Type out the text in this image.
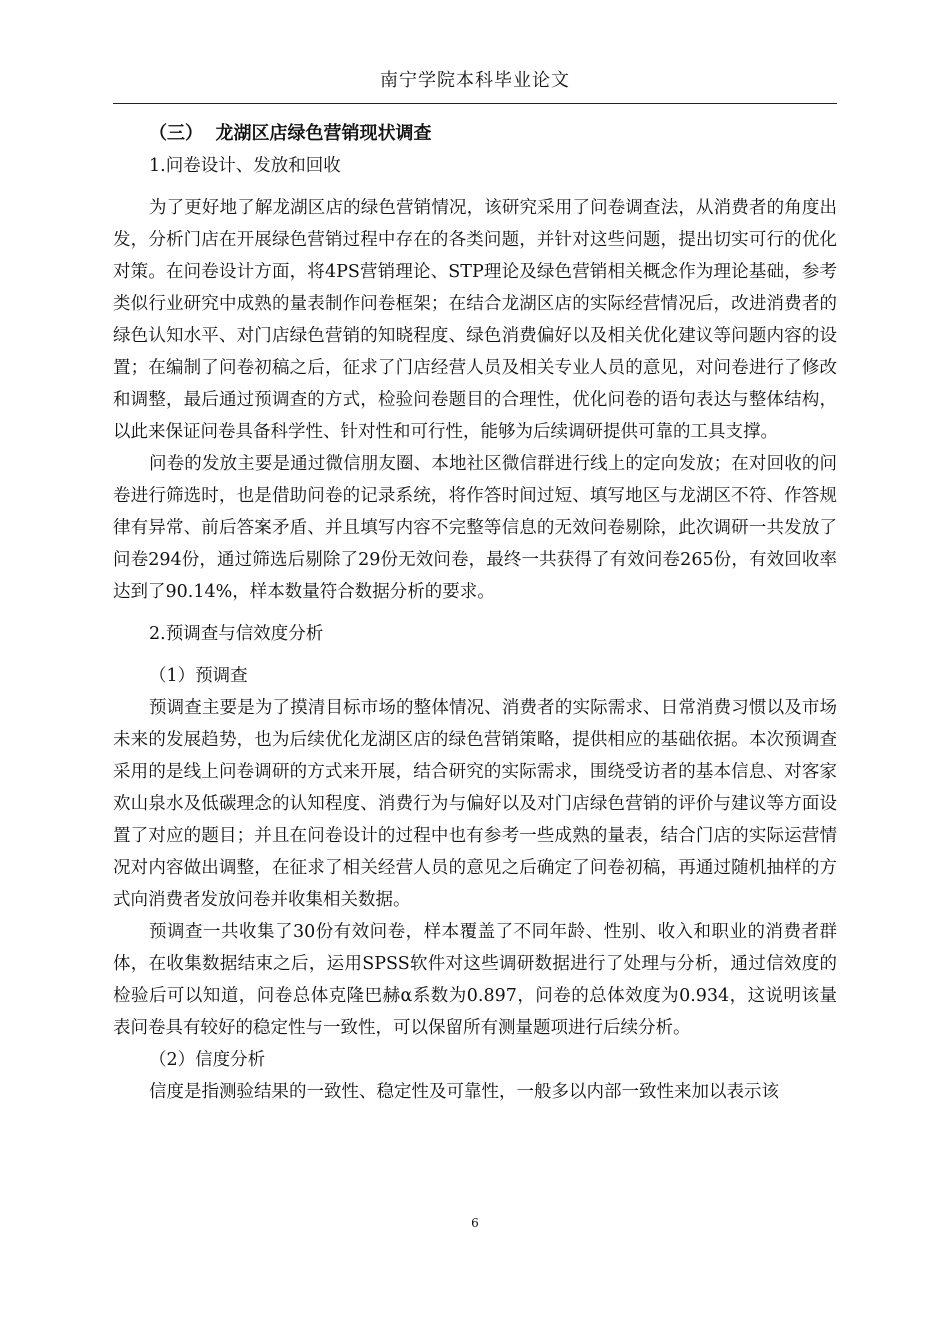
南宁学院本科毕业论文
（三）  龙湖区店绿色营销现状调查
1.问卷设计、发放和回收

为了更好地了解龙湖区店的绿色营销情况，该研究采用了问卷调查法，从消费者的角度出发，分析门店在开展绿色营销过程中存在的各类问题，并针对这些问题，提出切实可行的优化对策。在问卷设计方面，将4PS营销理论、STP理论及绿色营销相关概念作为理论基础，参考类似行业研究中成熟的量表制作问卷框架；在结合龙湖区店的实际经营情况后，改进消费者的绿色认知水平、对门店绿色营销的知晓程度、绿色消费偏好以及相关优化建议等问题内容的设置；在编制了问卷初稿之后，征求了门店经营人员及相关专业人员的意见，对问卷进行了修改和调整，最后通过预调查的方式，检验问卷题目的合理性，优化问卷的语句表达与整体结构，以此来保证问卷具备科学性、针对性和可行性，能够为后续调研提供可靠的工具支撑。

问卷的发放主要是通过微信朋友圈、本地社区微信群进行线上的定向发放；在对回收的问卷进行筛选时，也是借助问卷的记录系统，将作答时间过短、填写地区与龙湖区不符、作答规律有异常、前后答案矛盾、并且填写内容不完整等信息的无效问卷剔除，此次调研一共发放了问卷294份，通过筛选后剔除了29份无效问卷，最终一共获得了有效问卷265份，有效回收率达到了90.14%，样本数量符合数据分析的要求。

2.预调查与信效度分析
（1）预调查

预调查主要是为了摸清目标市场的整体情况、消费者的实际需求、日常消费习惯以及市场未来的发展趋势，也为后续优化龙湖区店的绿色营销策略，提供相应的基础依据。本次预调查采用的是线上问卷调研的方式来开展，结合研究的实际需求，围绕受访者的基本信息、对客家欢山泉水及低碳理念的认知程度、消费行为与偏好以及对门店绿色营销的评价与建议等方面设置了对应的题目；并且在问卷设计的过程中也有参考一些成熟的量表，结合门店的实际运营情况对内容做出调整，在征求了相关经营人员的意见之后确定了问卷初稿，再通过随机抽样的方式向消费者发放问卷并收集相关数据。

预调查一共收集了30份有效问卷，样本覆盖了不同年龄、性别、收入和职业的消费者群体，在收集数据结束之后，运用SPSS软件对这些调研数据进行了处理与分析，通过信效度的检验后可以知道，问卷总体克隆巴赫α系数为0.897，问卷的总体效度为0.934，这说明该量表问卷具有较好的稳定性与一致性，可以保留所有测量题项进行后续分析。

（2）信度分析

信度是指测验结果的一致性、稳定性及可靠性，一般多以内部一致性来加以表示该

6
